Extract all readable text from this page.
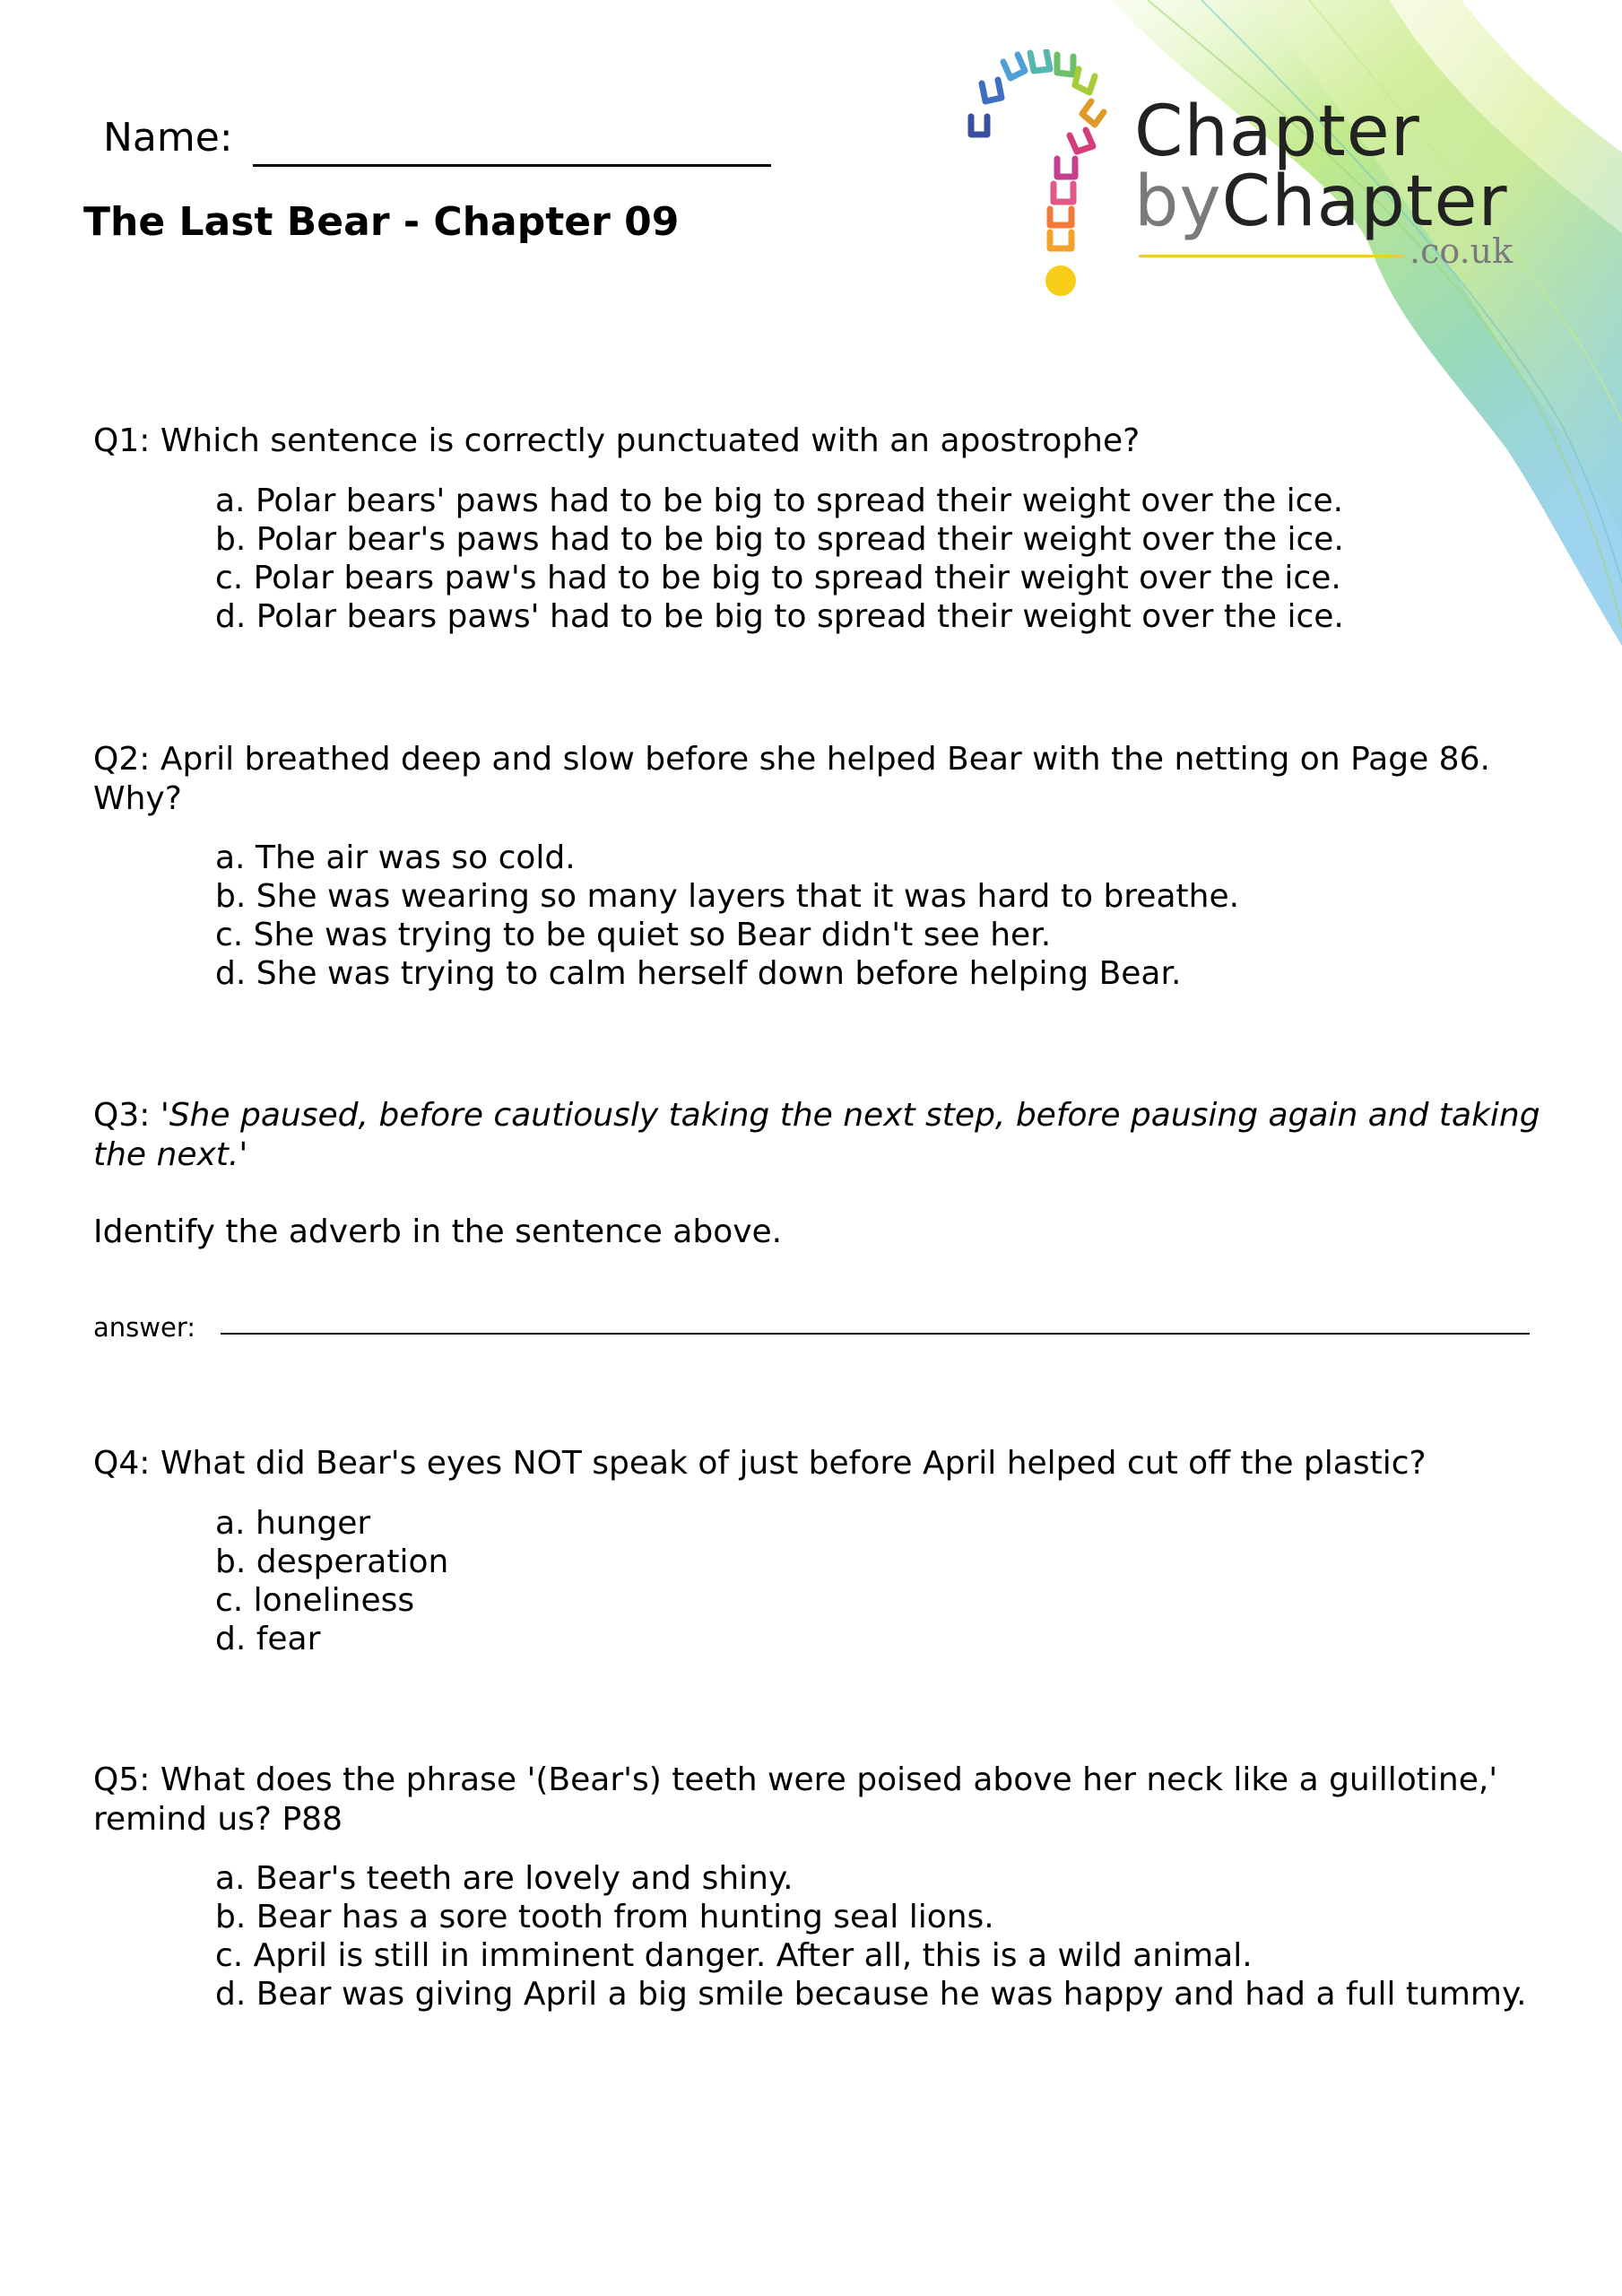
Name:
The Last Bear - Chapter 09
Chapter
byChapter
.co.uk
Q1: Which sentence is correctly punctuated with an apostrophe?
a. Polar bears' paws had to be big to spread their weight over the ice.
b. Polar bear's paws had to be big to spread their weight over the ice.
c. Polar bears paw's had to be big to spread their weight over the ice.
d. Polar bears paws' had to be big to spread their weight over the ice.
Q2: April breathed deep and slow before she helped Bear with the netting on Page 86. Why?
a. The air was so cold.
b. She was wearing so many layers that it was hard to breathe.
c. She was trying to be quiet so Bear didn't see her.
d. She was trying to calm herself down before helping Bear.
Q3: 'She paused, before cautiously taking the next step, before pausing again and taking the next.'
Identify the adverb in the sentence above.
answer:
Q4: What did Bear's eyes NOT speak of just before April helped cut off the plastic?
a. hunger
b. desperation
c. loneliness
d. fear
Q5: What does the phrase '(Bear's) teeth were poised above her neck like a guillotine,' remind us? P88
a. Bear's teeth are lovely and shiny.
b. Bear has a sore tooth from hunting seal lions.
c. April is still in imminent danger. After all, this is a wild animal.
d. Bear was giving April a big smile because he was happy and had a full tummy.
